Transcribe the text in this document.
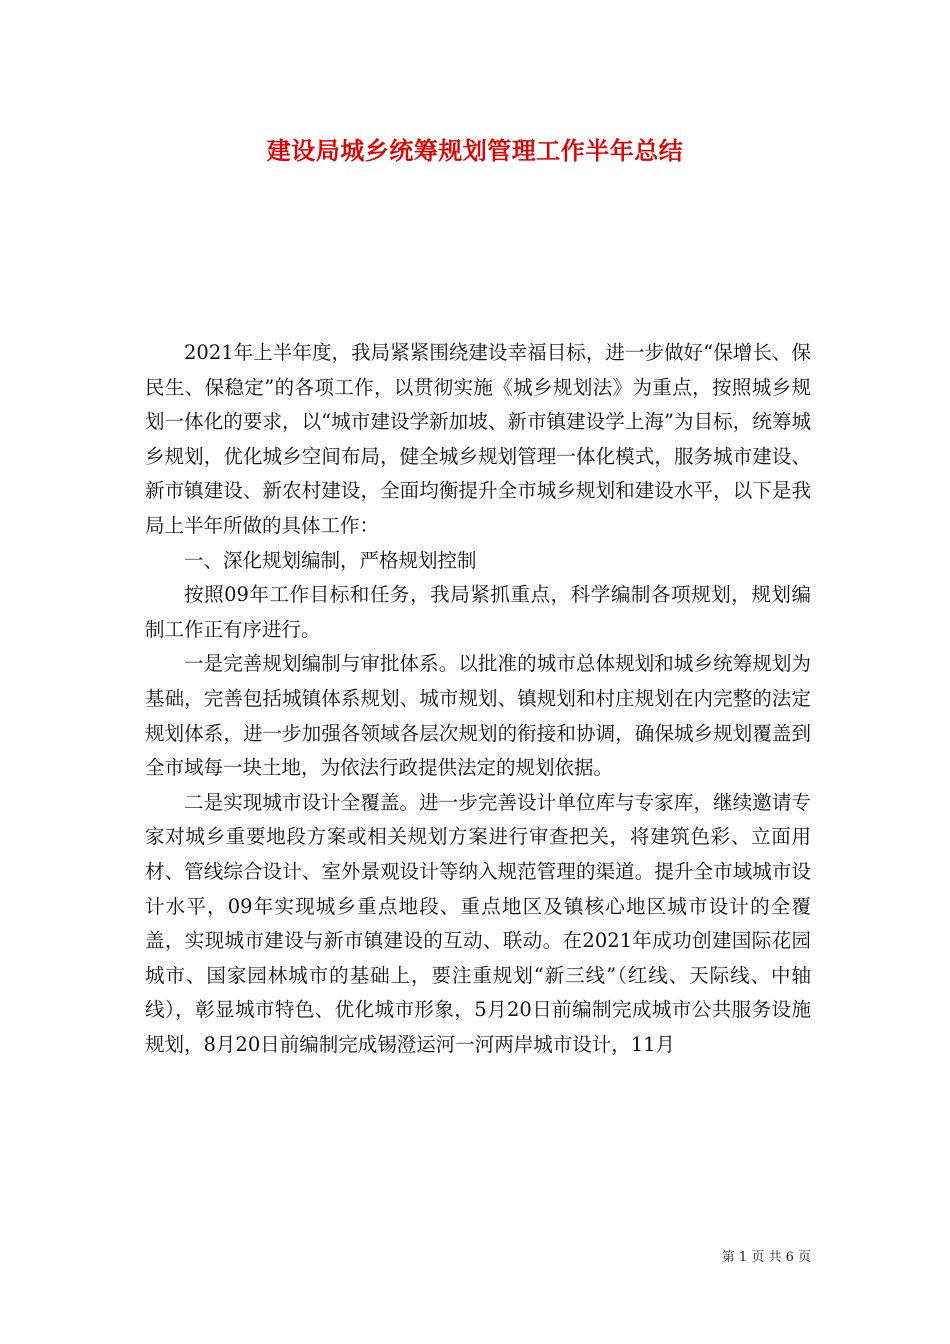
建设局城乡统筹规划管理工作半年总结

2021年上半年度，我局紧紧围绕建设幸福目标，进一步做好“保增长、保民生、保稳定”的各项工作，以贯彻实施《城乡规划法》为重点，按照城乡规划一体化的要求，以“城市建设学新加坡、新市镇建设学上海”为目标，统筹城乡规划，优化城乡空间布局，健全城乡规划管理一体化模式，服务城市建设、新市镇建设、新农村建设，全面均衡提升全市城乡规划和建设水平，以下是我局上半年所做的具体工作：

一、深化规划编制，严格规划控制

按照09年工作目标和任务，我局紧抓重点，科学编制各项规划，规划编制工作正有序进行。

一是完善规划编制与审批体系。以批准的城市总体规划和城乡统筹规划为基础，完善包括城镇体系规划、城市规划、镇规划和村庄规划在内完整的法定规划体系，进一步加强各领域各层次规划的衔接和协调，确保城乡规划覆盖到全市域每一块土地，为依法行政提供法定的规划依据。

二是实现城市设计全覆盖。进一步完善设计单位库与专家库，继续邀请专家对城乡重要地段方案或相关规划方案进行审查把关，将建筑色彩、立面用材、管线综合设计、室外景观设计等纳入规范管理的渠道。提升全市域城市设计水平，09年实现城乡重点地段、重点地区及镇核心地区城市设计的全覆盖，实现城市建设与新市镇建设的互动、联动。在2021年成功创建国际花园城市、国家园林城市的基础上，要注重规划“新三线”（红线、天际线、中轴线），彰显城市特色、优化城市形象，5月20日前编制完成城市公共服务设施规划，8月20日前编制完成锡澄运河一河两岸城市设计，11月

第 1 页 共 6 页
